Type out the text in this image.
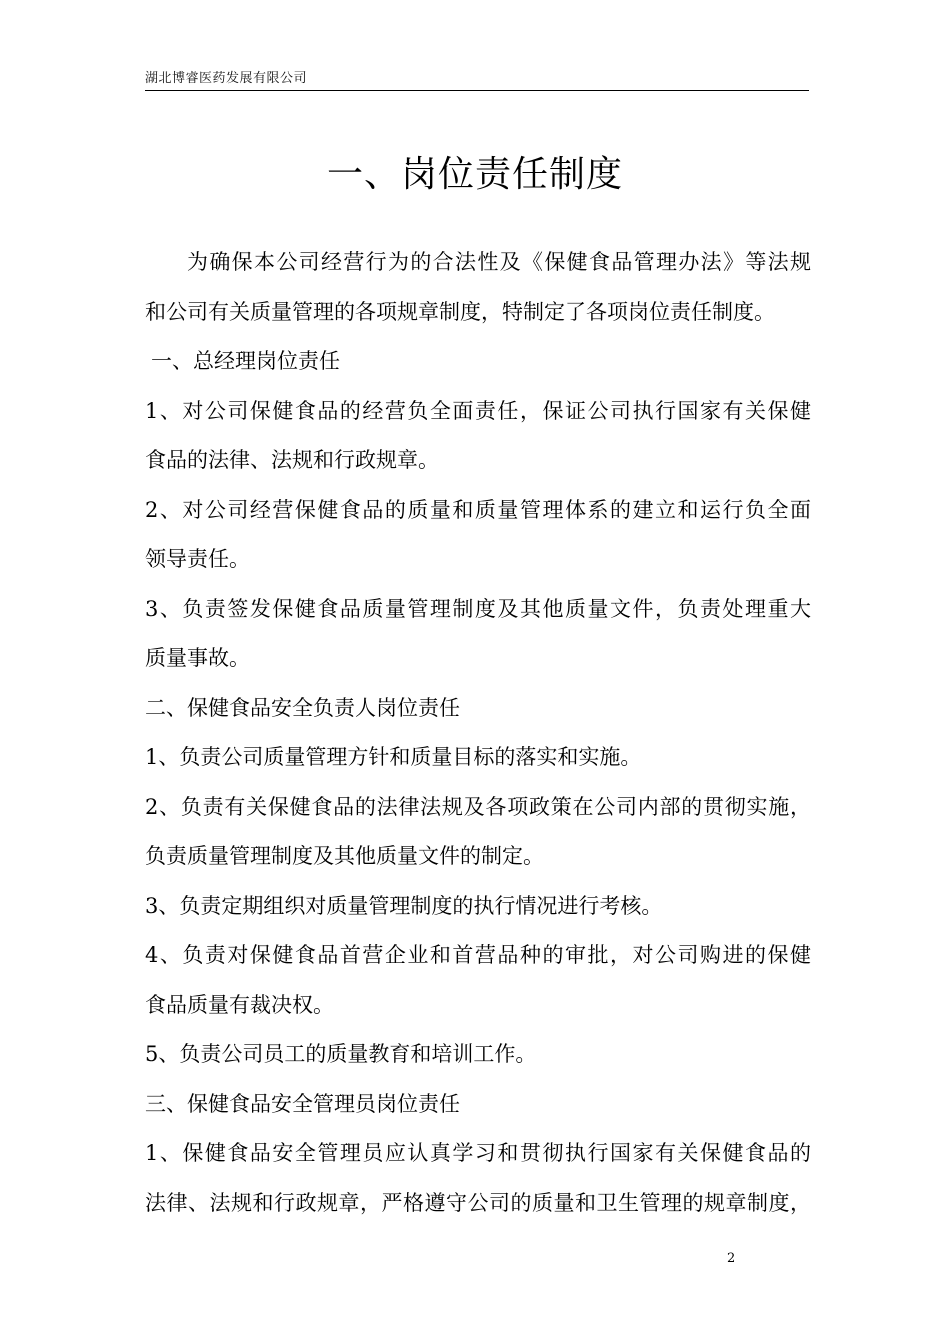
湖北博睿医药发展有限公司
一、岗位责任制度
为确保本公司经营行为的合法性及《保健食品管理办法》等法规
和公司有关质量管理的各项规章制度，特制定了各项岗位责任制度。
一、总经理岗位责任
1、对公司保健食品的经营负全面责任，保证公司执行国家有关保健
食品的法律、法规和行政规章。
2、对公司经营保健食品的质量和质量管理体系的建立和运行负全面
领导责任。
3、负责签发保健食品质量管理制度及其他质量文件，负责处理重大
质量事故。
二、保健食品安全负责人岗位责任
1、负责公司质量管理方针和质量目标的落实和实施。
2、负责有关保健食品的法律法规及各项政策在公司内部的贯彻实施，
负责质量管理制度及其他质量文件的制定。
3、负责定期组织对质量管理制度的执行情况进行考核。
4、负责对保健食品首营企业和首营品种的审批，对公司购进的保健
食品质量有裁决权。
5、负责公司员工的质量教育和培训工作。
三、保健食品安全管理员岗位责任
1、保健食品安全管理员应认真学习和贯彻执行国家有关保健食品的
法律、法规和行政规章，严格遵守公司的质量和卫生管理的规章制度，
2
